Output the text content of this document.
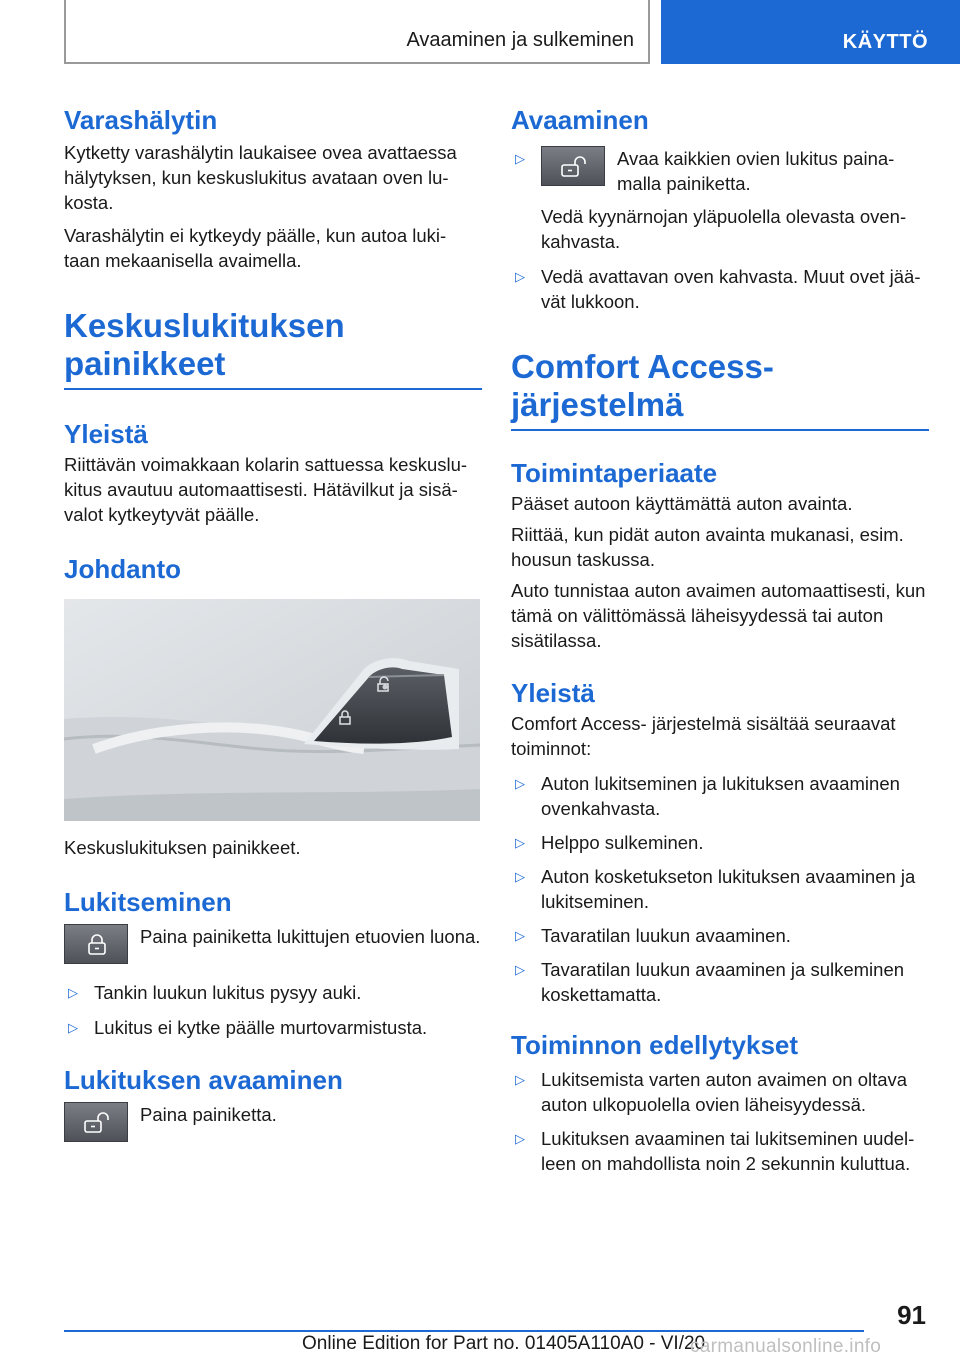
Avaaminen ja sulkeminen	KÄYTTÖ
Varashälytin

Kytketty varashälytin laukaisee ovea avattaessa hälytyksen, kun keskuslukitus avataan oven lu‐ kosta.

Varashälytin ei kytkeydy päälle, kun autoa luki‐ taan mekaanisella avaimella.

Keskuslukituksen painikkeet
Yleistä

Riittävän voimakkaan kolarin sattuessa keskuslu‐ kitus avautuu automaattisesti. Hätävilkut ja sisä‐ valot kytkeytyvät päälle.

Johdanto

Keskuslukituksen painikkeet.

Lukitseminen
Paina painiketta lukittujen etuovien luona.
▷ Tankin luukun lukitus pysyy auki.
▷ Lukitus ei kytke päälle murtovarmistusta.
Lukituksen avaaminen
Paina painiketta.
Avaaminen
▷	Avaa kaikkien ovien lukitus paina‐ malla painiketta.

Vedä kyynärnojan yläpuolella olevasta oven‐ kahvasta.

▷ Vedä avattavan oven kahvasta. Muut ovet jää‐ vät lukkoon.
Comfort Access‐ järjestelmä
Toimintaperiaate

Pääset autoon käyttämättä auton avainta.

Riittää, kun pidät auton avainta mukanasi, esim. housun taskussa.

Auto tunnistaa auton avaimen automaattisesti, kun tämä on välittömässä läheisyydessä tai auton sisätilassa.

Yleistä

Comfort Access‐ järjestelmä sisältää seuraavat toiminnot:

▷ Auton lukitseminen ja lukituksen avaaminen ovenkahvasta.
▷ Helppo sulkeminen.
▷ Auton kosketukseton lukituksen avaaminen ja lukitseminen.
▷ Tavaratilan luukun avaaminen.
▷ Tavaratilan luukun avaaminen ja sulkeminen koskettamatta.
Toiminnon edellytykset
▷ Lukitsemista varten auton avaimen on oltava auton ulkopuolella ovien läheisyydessä.
▷ Lukituksen avaaminen tai lukitseminen uudel‐ leen on mahdollista noin 2 sekunnin kuluttua.
91
Online Edition for Part no. 01405A110A0 - VI/20
carmanualsonline.info
